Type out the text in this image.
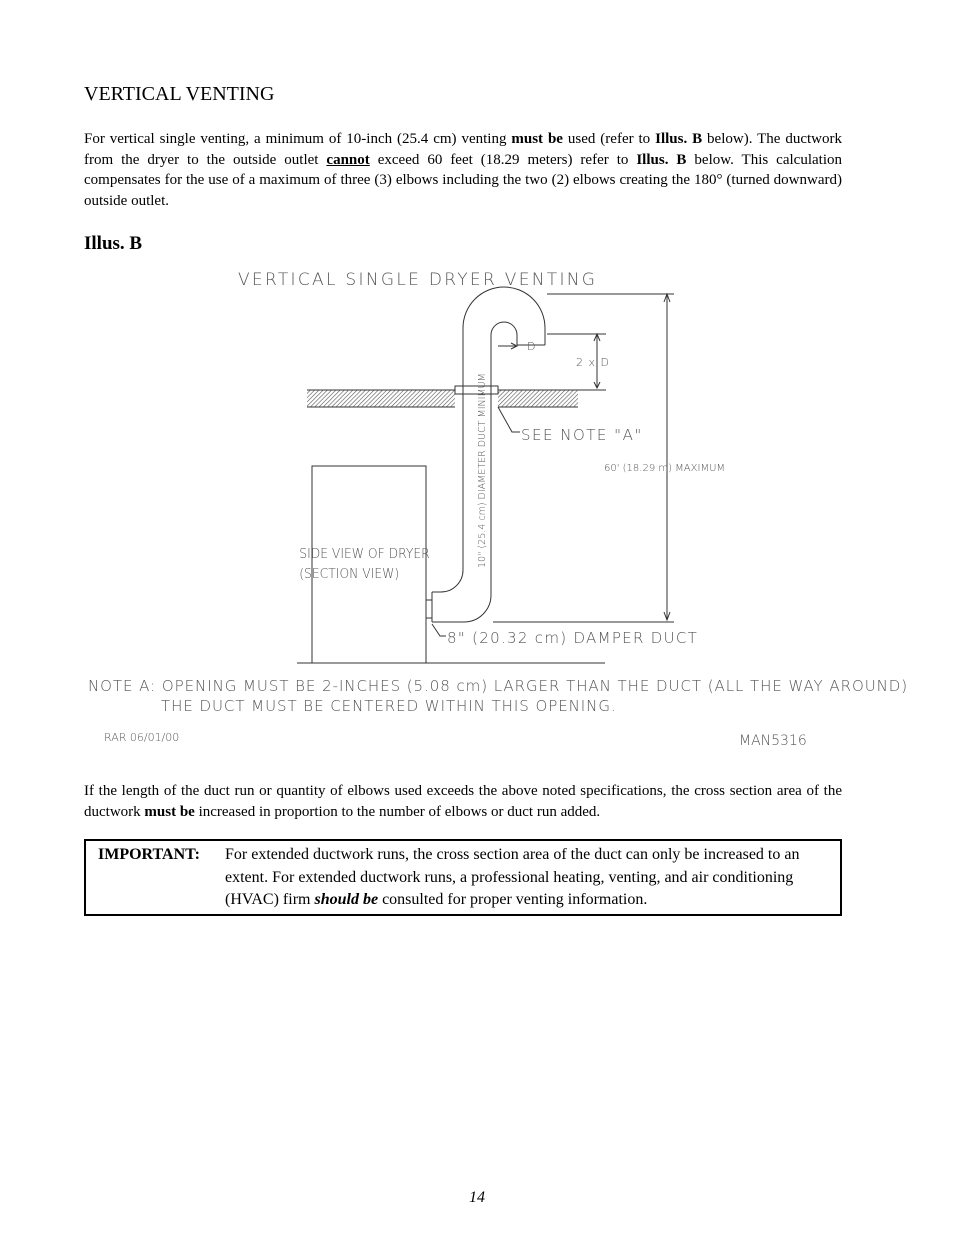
VERTICAL VENTING
For vertical single venting, a minimum of 10-inch (25.4 cm) venting must be used (refer to Illus. B below). The ductwork from the dryer to the outside outlet cannot exceed 60 feet (18.29 meters) refer to Illus. B below. This calculation compensates for the use of a maximum of three (3) elbows including the two (2) elbows creating the 180° (turned downward) outside outlet.
Illus. B
VERTICAL SINGLE DRYER VENTING
D
2 x D
SEE NOTE "A"
60' (18.29 m) MAXIMUM
10" (25.4 cm) DIAMETER DUCT MINIMUM
SIDE VIEW OF DRYER
(SECTION VIEW)
8" (20.32 cm) DAMPER DUCT
NOTE A: OPENING MUST BE 2-INCHES (5.08 cm) LARGER THAN THE DUCT (ALL THE WAY AROUND)
THE DUCT MUST BE CENTERED WITHIN THIS OPENING.
RAR 06/01/00	MAN5316
If the length of the duct run or quantity of elbows used exceeds the above noted specifications, the cross section area of the ductwork must be increased in proportion to the number of elbows or duct run added.
IMPORTANT: For extended ductwork runs, the cross section area of the duct can only be increased to an extent. For extended ductwork runs, a professional heating, venting, and air conditioning (HVAC) firm should be consulted for proper venting information.
14
